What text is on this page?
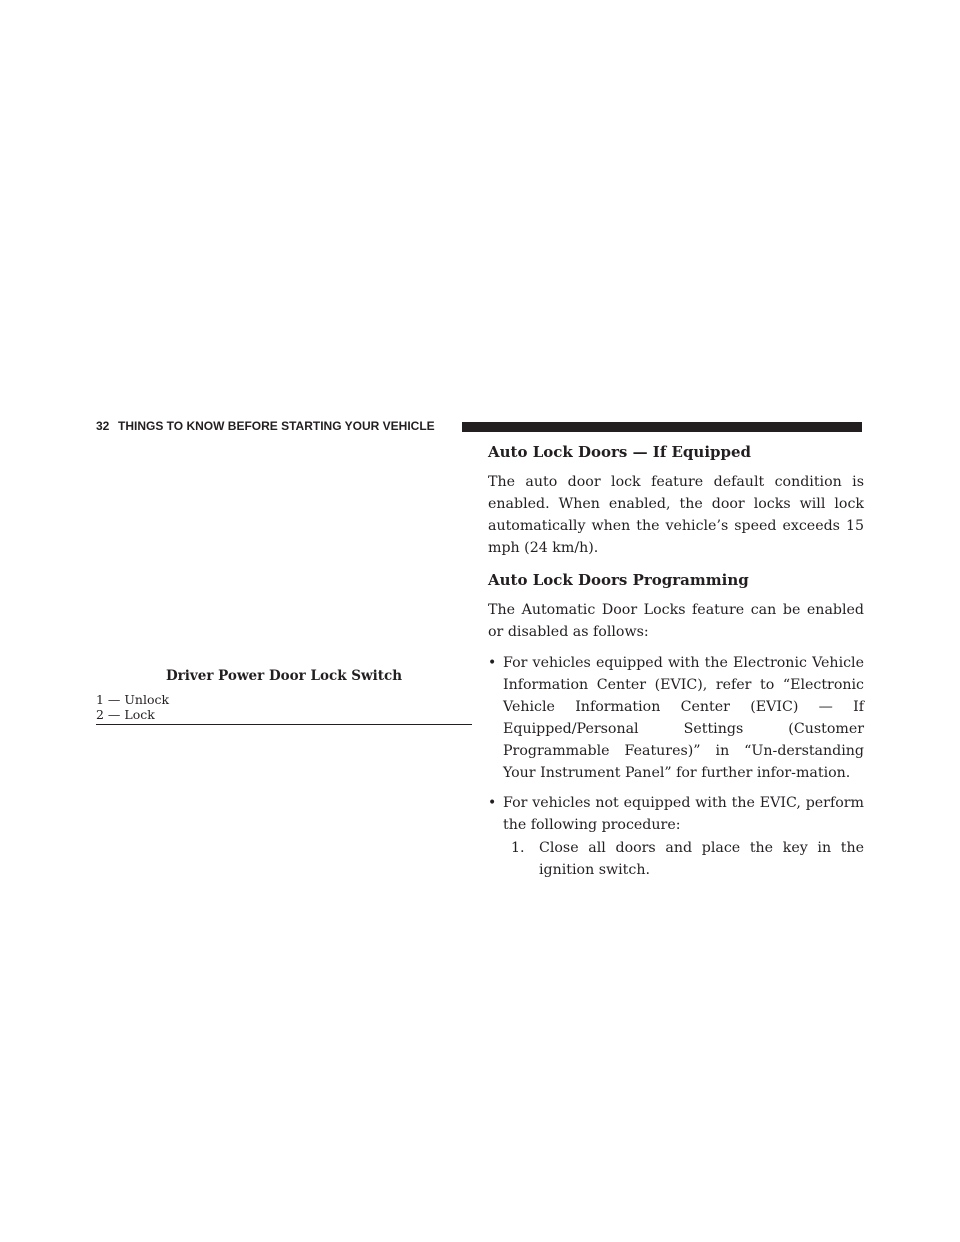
32 THINGS TO KNOW BEFORE STARTING YOUR VEHICLE
Driver Power Door Lock Switch
1 — Unlock
2 — Lock
Auto Lock Doors — If Equipped

The auto door lock feature default condition is enabled. When enabled, the door locks will lock automatically when the vehicle’s speed exceeds 15 mph (24 km/h).

Auto Lock Doors Programming

The Automatic Door Locks feature can be enabled or disabled as follows:

• For vehicles equipped with the Electronic Vehicle Information Center (EVIC), refer to “Electronic Vehicle Information Center (EVIC) — If Equipped/Personal Settings (Customer Programmable Features)” in “Un-derstanding Your Instrument Panel” for further infor-mation.

• For vehicles not equipped with the EVIC, perform the following procedure:

1. Close all doors and place the key in the ignition switch.
